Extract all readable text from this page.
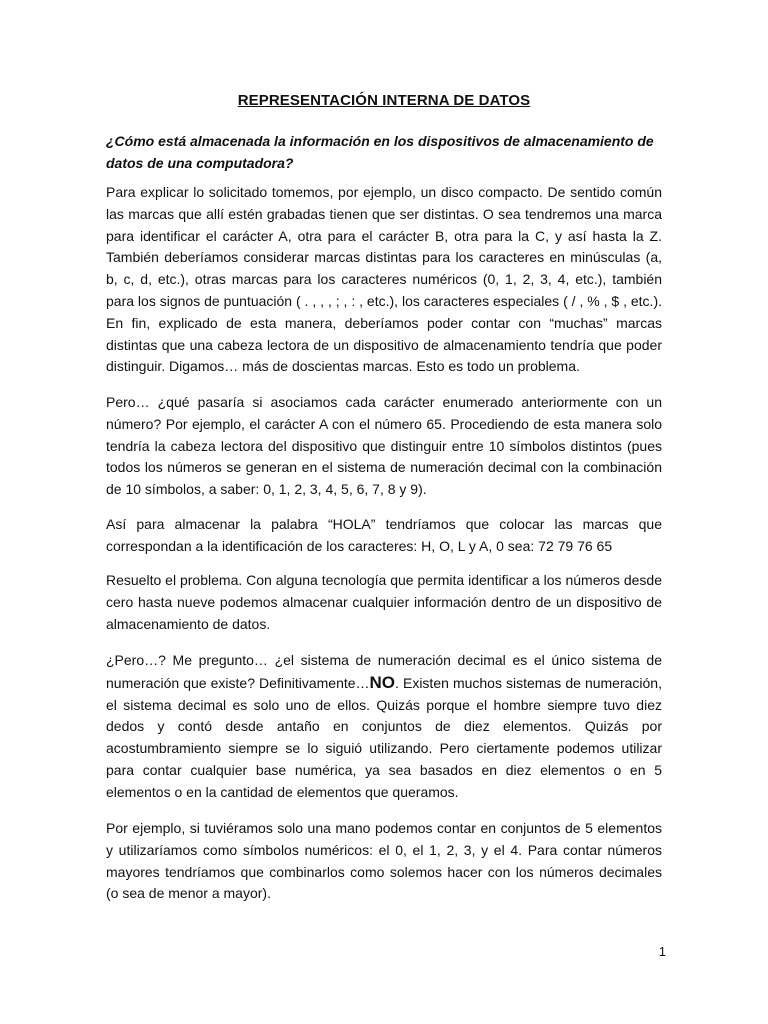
REPRESENTACIÓN INTERNA DE DATOS
¿Cómo está almacenada la información en los dispositivos de almacenamiento de datos de una computadora?

Para explicar lo solicitado tomemos, por ejemplo, un disco compacto. De sentido común las marcas que allí estén grabadas tienen que ser distintas. O sea tendremos una marca para identificar el carácter A, otra para el carácter B, otra para la C, y así hasta la Z. También deberíamos considerar marcas distintas para los caracteres en minúsculas (a, b, c, d, etc.), otras marcas para los caracteres numéricos (0, 1, 2, 3, 4, etc.), también para los signos de puntuación ( . , , , ; , : , etc.), los caracteres especiales ( / , % , $ , etc.). En fin, explicado de esta manera, deberíamos poder contar con “muchas” marcas distintas que una cabeza lectora de un dispositivo de almacenamiento tendría que poder distinguir. Digamos… más de doscientas marcas. Esto es todo un problema.

Pero… ¿qué pasaría si asociamos cada carácter enumerado anteriormente con un número? Por ejemplo, el carácter A con el número 65. Procediendo de esta manera solo tendría la cabeza lectora del dispositivo que distinguir entre 10 símbolos distintos (pues todos los números se generan en el sistema de numeración decimal con la combinación de 10 símbolos, a saber: 0, 1, 2, 3, 4, 5, 6, 7, 8 y 9).

Así para almacenar la palabra “HOLA” tendríamos que colocar las marcas que correspondan a la identificación de los caracteres: H, O, L y A, 0 sea: 72 79 76 65

Resuelto el problema. Con alguna tecnología que permita identificar a los números desde cero hasta nueve podemos almacenar cualquier información dentro de un dispositivo de almacenamiento de datos.

¿Pero…? Me pregunto… ¿el sistema de numeración decimal es el único sistema de numeración que existe? Definitivamente…NO. Existen muchos sistemas de numeración, el sistema decimal es solo uno de ellos. Quizás porque el hombre siempre tuvo diez dedos y contó desde antaño en conjuntos de diez elementos. Quizás por acostumbramiento siempre se lo siguió utilizando. Pero ciertamente podemos utilizar para contar cualquier base numérica, ya sea basados en diez elementos o en 5 elementos o en la cantidad de elementos que queramos.

Por ejemplo, si tuviéramos solo una mano podemos contar en conjuntos de 5 elementos y utilizaríamos como símbolos numéricos: el 0, el 1, 2, 3, y el 4. Para contar números mayores tendríamos que combinarlos como solemos hacer con los números decimales (o sea de menor a mayor).

1
